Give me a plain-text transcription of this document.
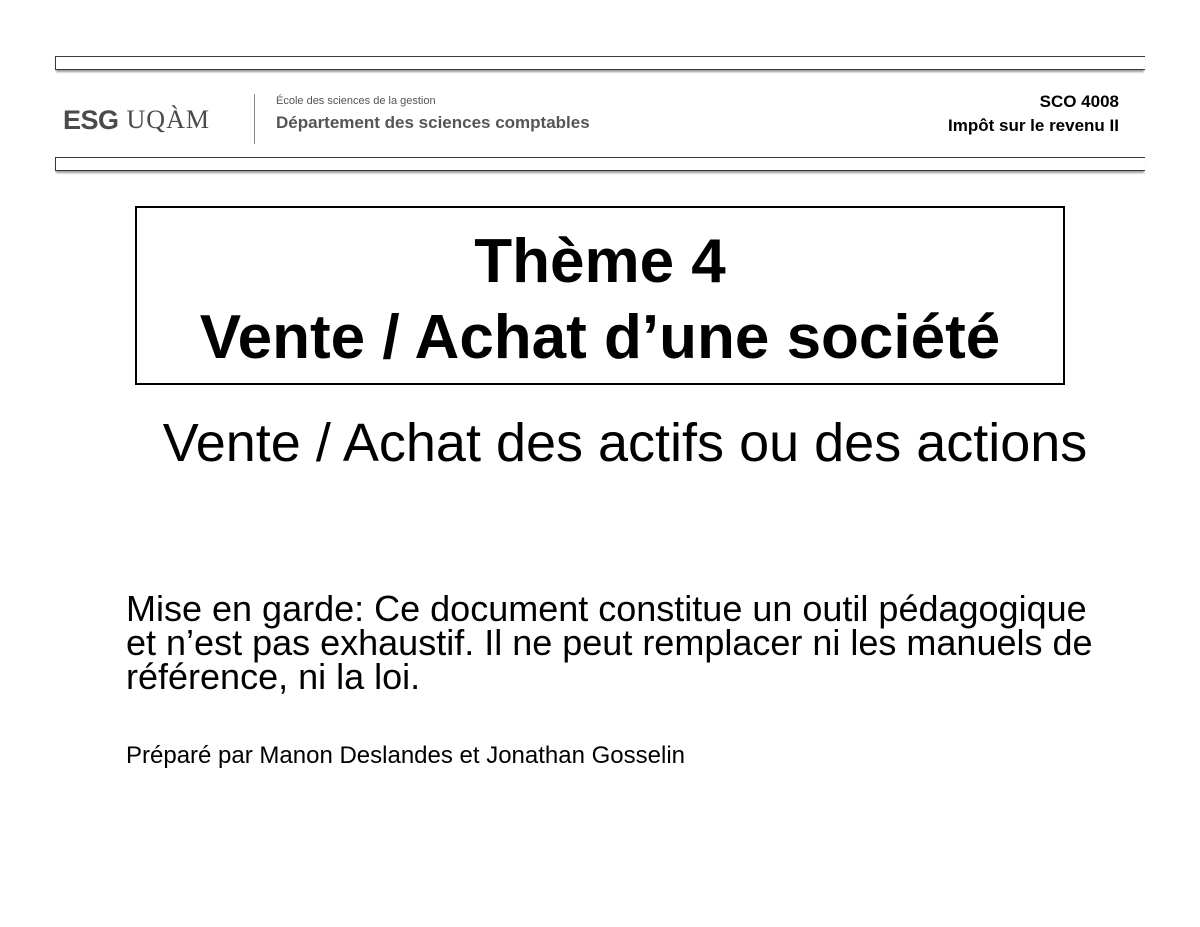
ESG UQÀM
École des sciences de la gestion
Département des sciences comptables
SCO 4008
Impôt sur le revenu II
Thème 4
Vente / Achat d’une société
Vente / Achat des actifs ou des actions
Mise en garde: Ce document constitue un outil pédagogique et n’est pas exhaustif. Il ne peut remplacer ni les manuels de référence, ni la loi.
Préparé par Manon Deslandes et Jonathan Gosselin
